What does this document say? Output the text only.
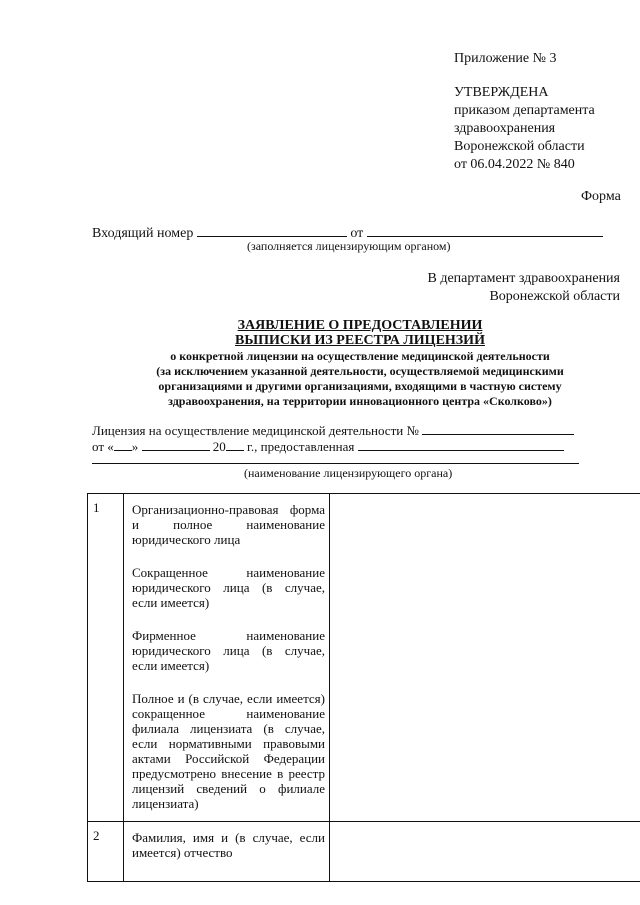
Приложение № 3
УТВЕРЖДЕНА
приказом департамента
здравоохранения
Воронежской области
от 06.04.2022 № 840
Форма
Входящий номер	от
(заполняется лицензирующим органом)
В департамент здравоохранения
Воронежской области
ЗАЯВЛЕНИЕ О ПРЕДОСТАВЛЕНИИ
ВЫПИСКИ ИЗ РЕЕСТРА ЛИЦЕНЗИЙ
о конкретной лицензии на осуществление медицинской деятельности
(за исключением указанной деятельности, осуществляемой медицинскими
организациями и другими организациями, входящими в частную систему
здравоохранения, на территории инновационного центра «Сколково»)
Лицензия на осуществление медицинской деятельности №
от « »	20 г., предоставленная
(наименование лицензирующего органа)
1	Организационно-правовая форма и полное наименование юридического лица
Сокращенное наименование юридического лица (в случае, если имеется)
Фирменное наименование юридического лица (в случае, если имеется)
Полное и (в случае, если имеется) сокращенное наименование филиала лицензиата (в случае, если нормативными правовыми актами Российской Федерации предусмотрено внесение в реестр лицензий сведений о филиале лицензиата)	

2	Фамилия, имя и (в случае, если имеется) отчество	
